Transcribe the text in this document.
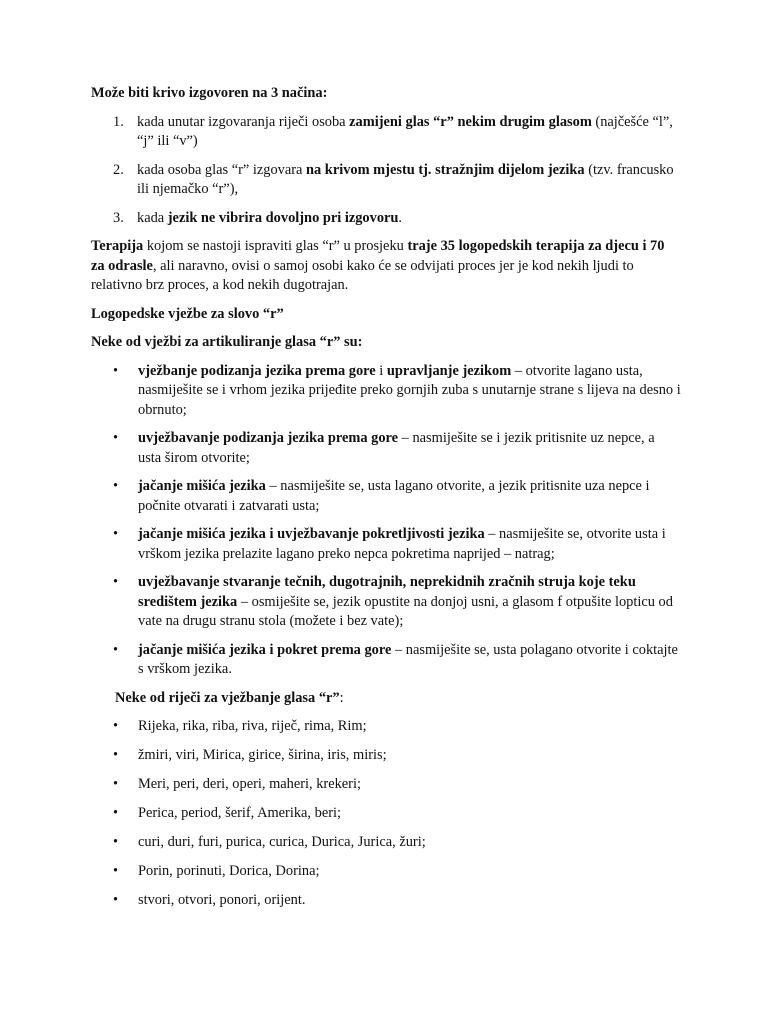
Može biti krivo izgovoren na 3 načina:

1. kada unutar izgovaranja riječi osoba zamijeni glas “r” nekim drugim glasom (najčešće “l”, “j” ili “v”)
2. kada osoba glas “r” izgovara na krivom mjestu tj. stražnjim dijelom jezika (tzv. francusko ili njemačko “r”),
3. kada jezik ne vibrira dovoljno pri izgovoru.

Terapija kojom se nastoji ispraviti glas “r” u prosjeku traje 35 logopedskih terapija za djecu i 70 za odrasle, ali naravno, ovisi o samoj osobi kako će se odvijati proces jer je kod nekih ljudi to relativno brz proces, a kod nekih dugotrajan.

Logopedske vježbe za slovo “r”

Neke od vježbi za artikuliranje glasa “r” su:

• vježbanje podizanja jezika prema gore i upravljanje jezikom – otvorite lagano usta, nasmiješite se i vrhom jezika prijeđite preko gornjih zuba s unutarnje strane s lijeva na desno i obrnuto;
• uvježbavanje podizanja jezika prema gore – nasmiješite se i jezik pritisnite uz nepce, a usta širom otvorite;
• jačanje mišića jezika – nasmiješite se, usta lagano otvorite, a jezik pritisnite uza nepce i počnite otvarati i zatvarati usta;
• jačanje mišića jezika i uvježbavanje pokretljivosti jezika – nasmiješite se, otvorite usta i vrškom jezika prelazite lagano preko nepca pokretima naprijed – natrag;
• uvježbavanje stvaranje tečnih, dugotrajnih, neprekidnih zračnih struja koje teku središtem jezika – osmiješite se, jezik opustite na donjoj usni, a glasom f otpušite lopticu od vate na drugu stranu stola (možete i bez vate);
• jačanje mišića jezika i pokret prema gore – nasmiješite se, usta polagano otvorite i coktajte s vrškom jezika.

Neke od riječi za vježbanje glasa “r”:

• Rijeka, rika, riba, riva, riječ, rima, Rim;
• žmiri, viri, Mirica, girice, širina, iris, miris;
• Meri, peri, deri, operi, maheri, krekeri;
• Perica, period, šerif, Amerika, beri;
• curi, duri, furi, purica, curica, Durica, Jurica, žuri;
• Porin, porinuti, Dorica, Dorina;
• stvori, otvori, ponori, orijent.
